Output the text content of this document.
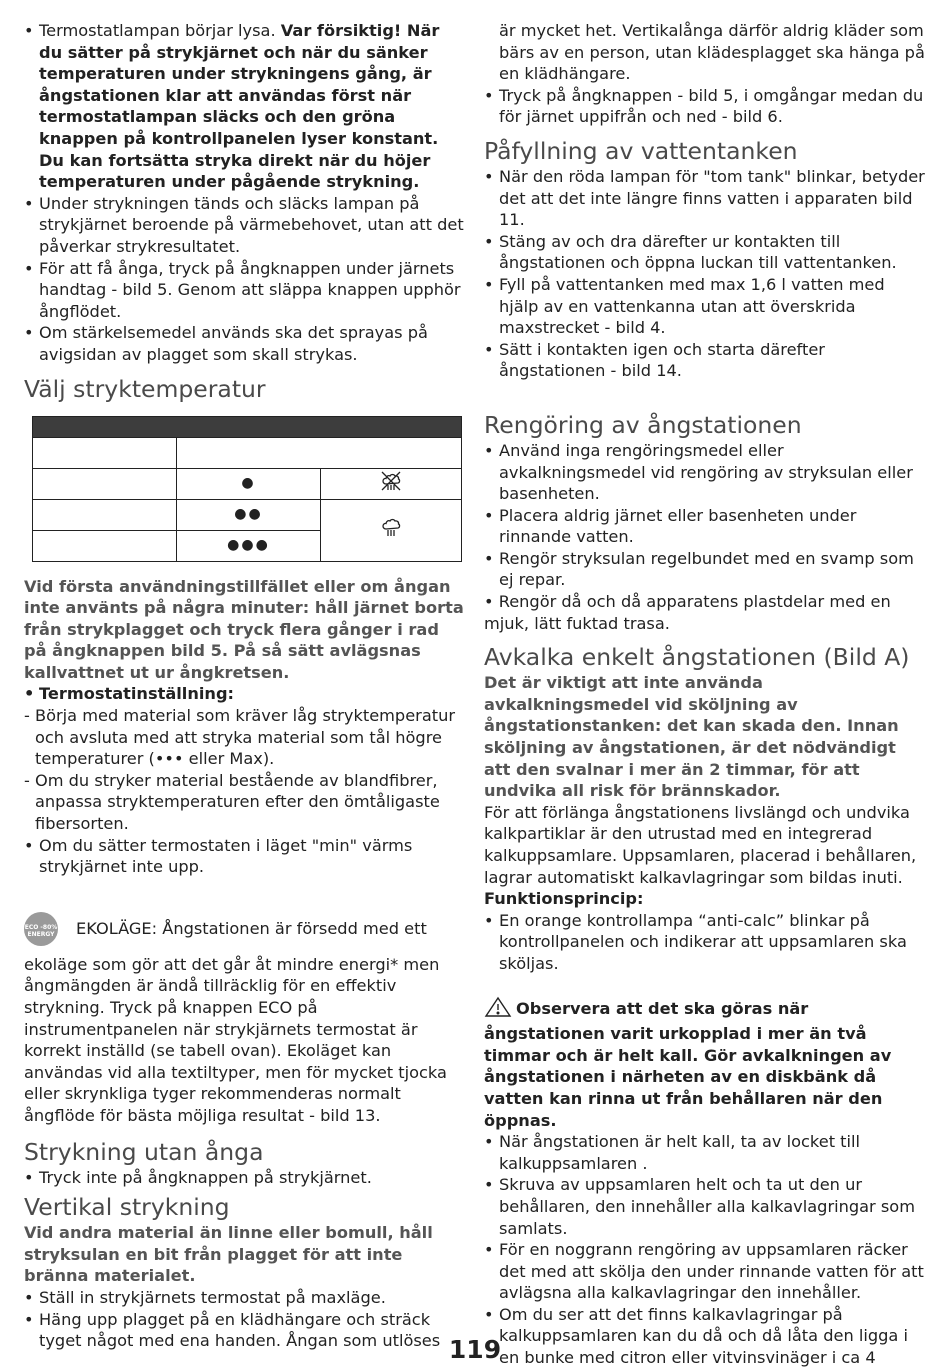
• Termostatlampan börjar lysa. Var försiktig! När du sätter på strykjärnet och när du sänker temperaturen under strykningens gång, är ångstationen klar att användas först när termostatlampan släcks och den gröna knappen på kontrollpanelen lyser konstant.
Du kan fortsätta stryka direkt när du höjer temperaturen under pågående strykning.
• Under strykningen tänds och släcks lampan på strykjärnet beroende på värmebehovet, utan att det påverkar strykresultatet.
• För att få ånga, tryck på ångknappen under järnets handtag - bild 5. Genom att släppa knappen upphör ångflödet.
• Om stärkelsemedel används ska det sprayas på avigsidan av plagget som skall strykas.
Välj stryktemperatur

	●	
	●●	
	●●●	

Vid första användningstillfället eller om ångan inte använts på några minuter: håll järnet borta från strykplagget och tryck flera gånger i rad på ångknappen bild 5. På så sätt avlägsnas kallvattnet ut ur ångkretsen.

• Termostatinställning:
- Börja med material som kräver låg stryktemperatur och avsluta med att stryka material som tål högre temperaturer (••• eller Max).
- Om du stryker material bestående av blandfibrer, anpassa stryktemperaturen efter den ömtåligaste fibersorten.
• Om du sätter termostaten i läget "min" värms strykjärnet inte upp.

ECO -80% ENERGY EKOLÄGE: Ångstationen är försedd med ett ekoläge som gör att det går åt mindre energi* men ångmängden är ändå tillräcklig för en effektiv strykning. Tryck på knappen ECO på instrumentpanelen när strykjärnets termostat är korrekt inställd (se tabell ovan). Ekoläget kan användas vid alla textiltyper, men för mycket tjocka eller skrynkliga tyger rekommenderas normalt ångflöde för bästa möjliga resultat - bild 13.

Strykning utan ånga
• Tryck inte på ångknappen på strykjärnet.
Vertikal strykning

Vid andra material än linne eller bomull, håll stryksulan en bit från plagget för att inte bränna materialet.

• Ställ in strykjärnets termostat på maxläge.
• Häng upp plagget på en klädhängare och sträck tyget något med ena handen. Ångan som utlöses

är mycket het. Vertikalånga därför aldrig kläder som bärs av en person, utan klädesplagget ska hänga på en klädhängare.

• Tryck på ångknappen - bild 5, i omgångar medan du för järnet uppifrån och ned - bild 6.
Påfyllning av vattentanken
• När den röda lampan för "tom tank" blinkar, betyder det att det inte längre finns vatten i apparaten bild 11.
• Stäng av och dra därefter ur kontakten till ångstationen och öppna luckan till vattentanken.
• Fyll på vattentanken med max 1,6 l vatten med hjälp av en vattenkanna utan att överskrida maxstrecket - bild 4.
• Sätt i kontakten igen och starta därefter ångstationen - bild 14.
Rengöring av ångstationen
• Använd inga rengöringsmedel eller avkalkningsmedel vid rengöring av stryksulan eller basenheten.
• Placera aldrig järnet eller basenheten under rinnande vatten.
• Rengör stryksulan regelbundet med en svamp som ej repar.

• Rengör då och då apparatens plastdelar med en mjuk, lätt fuktad trasa.

Avkalka enkelt ångstationen (Bild A)

Det är viktigt att inte använda avkalkningsmedel vid sköljning av ångstationstanken: det kan skada den. Innan sköljning av ångstationen, är det nödvändigt att den svalnar i mer än 2 timmar, för att undvika all risk för brännskador.

För att förlänga ångstationens livslängd och undvika kalkpartiklar är den utrustad med en integrerad kalkuppsamlare. Uppsamlaren, placerad i behållaren, lagrar automatiskt kalkavlagringar som bildas inuti.

Funktionsprincip:

• En orange kontrollampa “anti-calc” blinkar på kontrollpanelen och indikerar att uppsamlaren ska sköljas.

Observera att det ska göras när ångstationen varit urkopplad i mer än två timmar och är helt kall. Gör avkalkningen av ångstationen i närheten av en diskbänk då vatten kan rinna ut från behållaren när den öppnas.

• När ångstationen är helt kall, ta av locket till kalkuppsamlaren .
• Skruva av uppsamlaren helt och ta ut den ur behållaren, den innehåller alla kalkavlagringar som samlats.
• För en noggrann rengöring av uppsamlaren räcker det med att skölja den under rinnande vatten för att avlägsna alla kalkavlagringar den innehåller.
• Om du ser att det finns kalkavlagringar på kalkuppsamlaren kan du då och då låta den ligga i en bunke med citron eller vitvinsvinäger i ca 4
119
